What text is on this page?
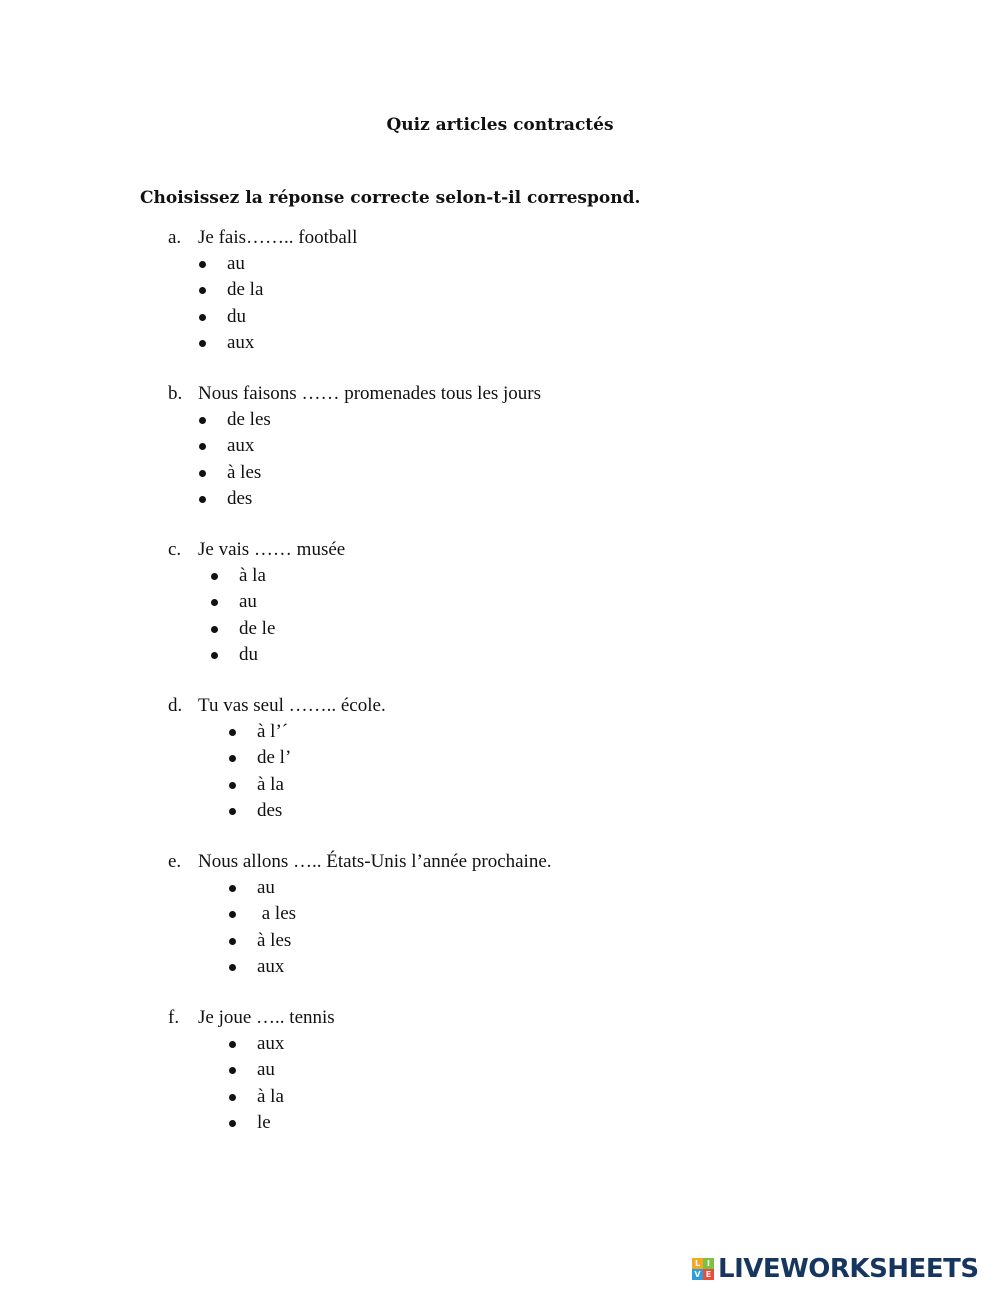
Quiz articles contractés
Choisissez la réponse correcte selon-t-il correspond.
a. Je fais…….. football
au
de la
du
aux
b. Nous faisons …… promenades tous les jours
de les
aux
à les
des
c. Je vais …… musée
à la
au
de le
du
d. Tu vas seul …….. école.
à l’´
de l’
à la
des
e. Nous allons ….. États-Unis l’année prochaine.
au
a les
à les
aux
f. Je joue ….. tennis
aux
au
à la
le
L I
V E LIVEWORKSHEETS
